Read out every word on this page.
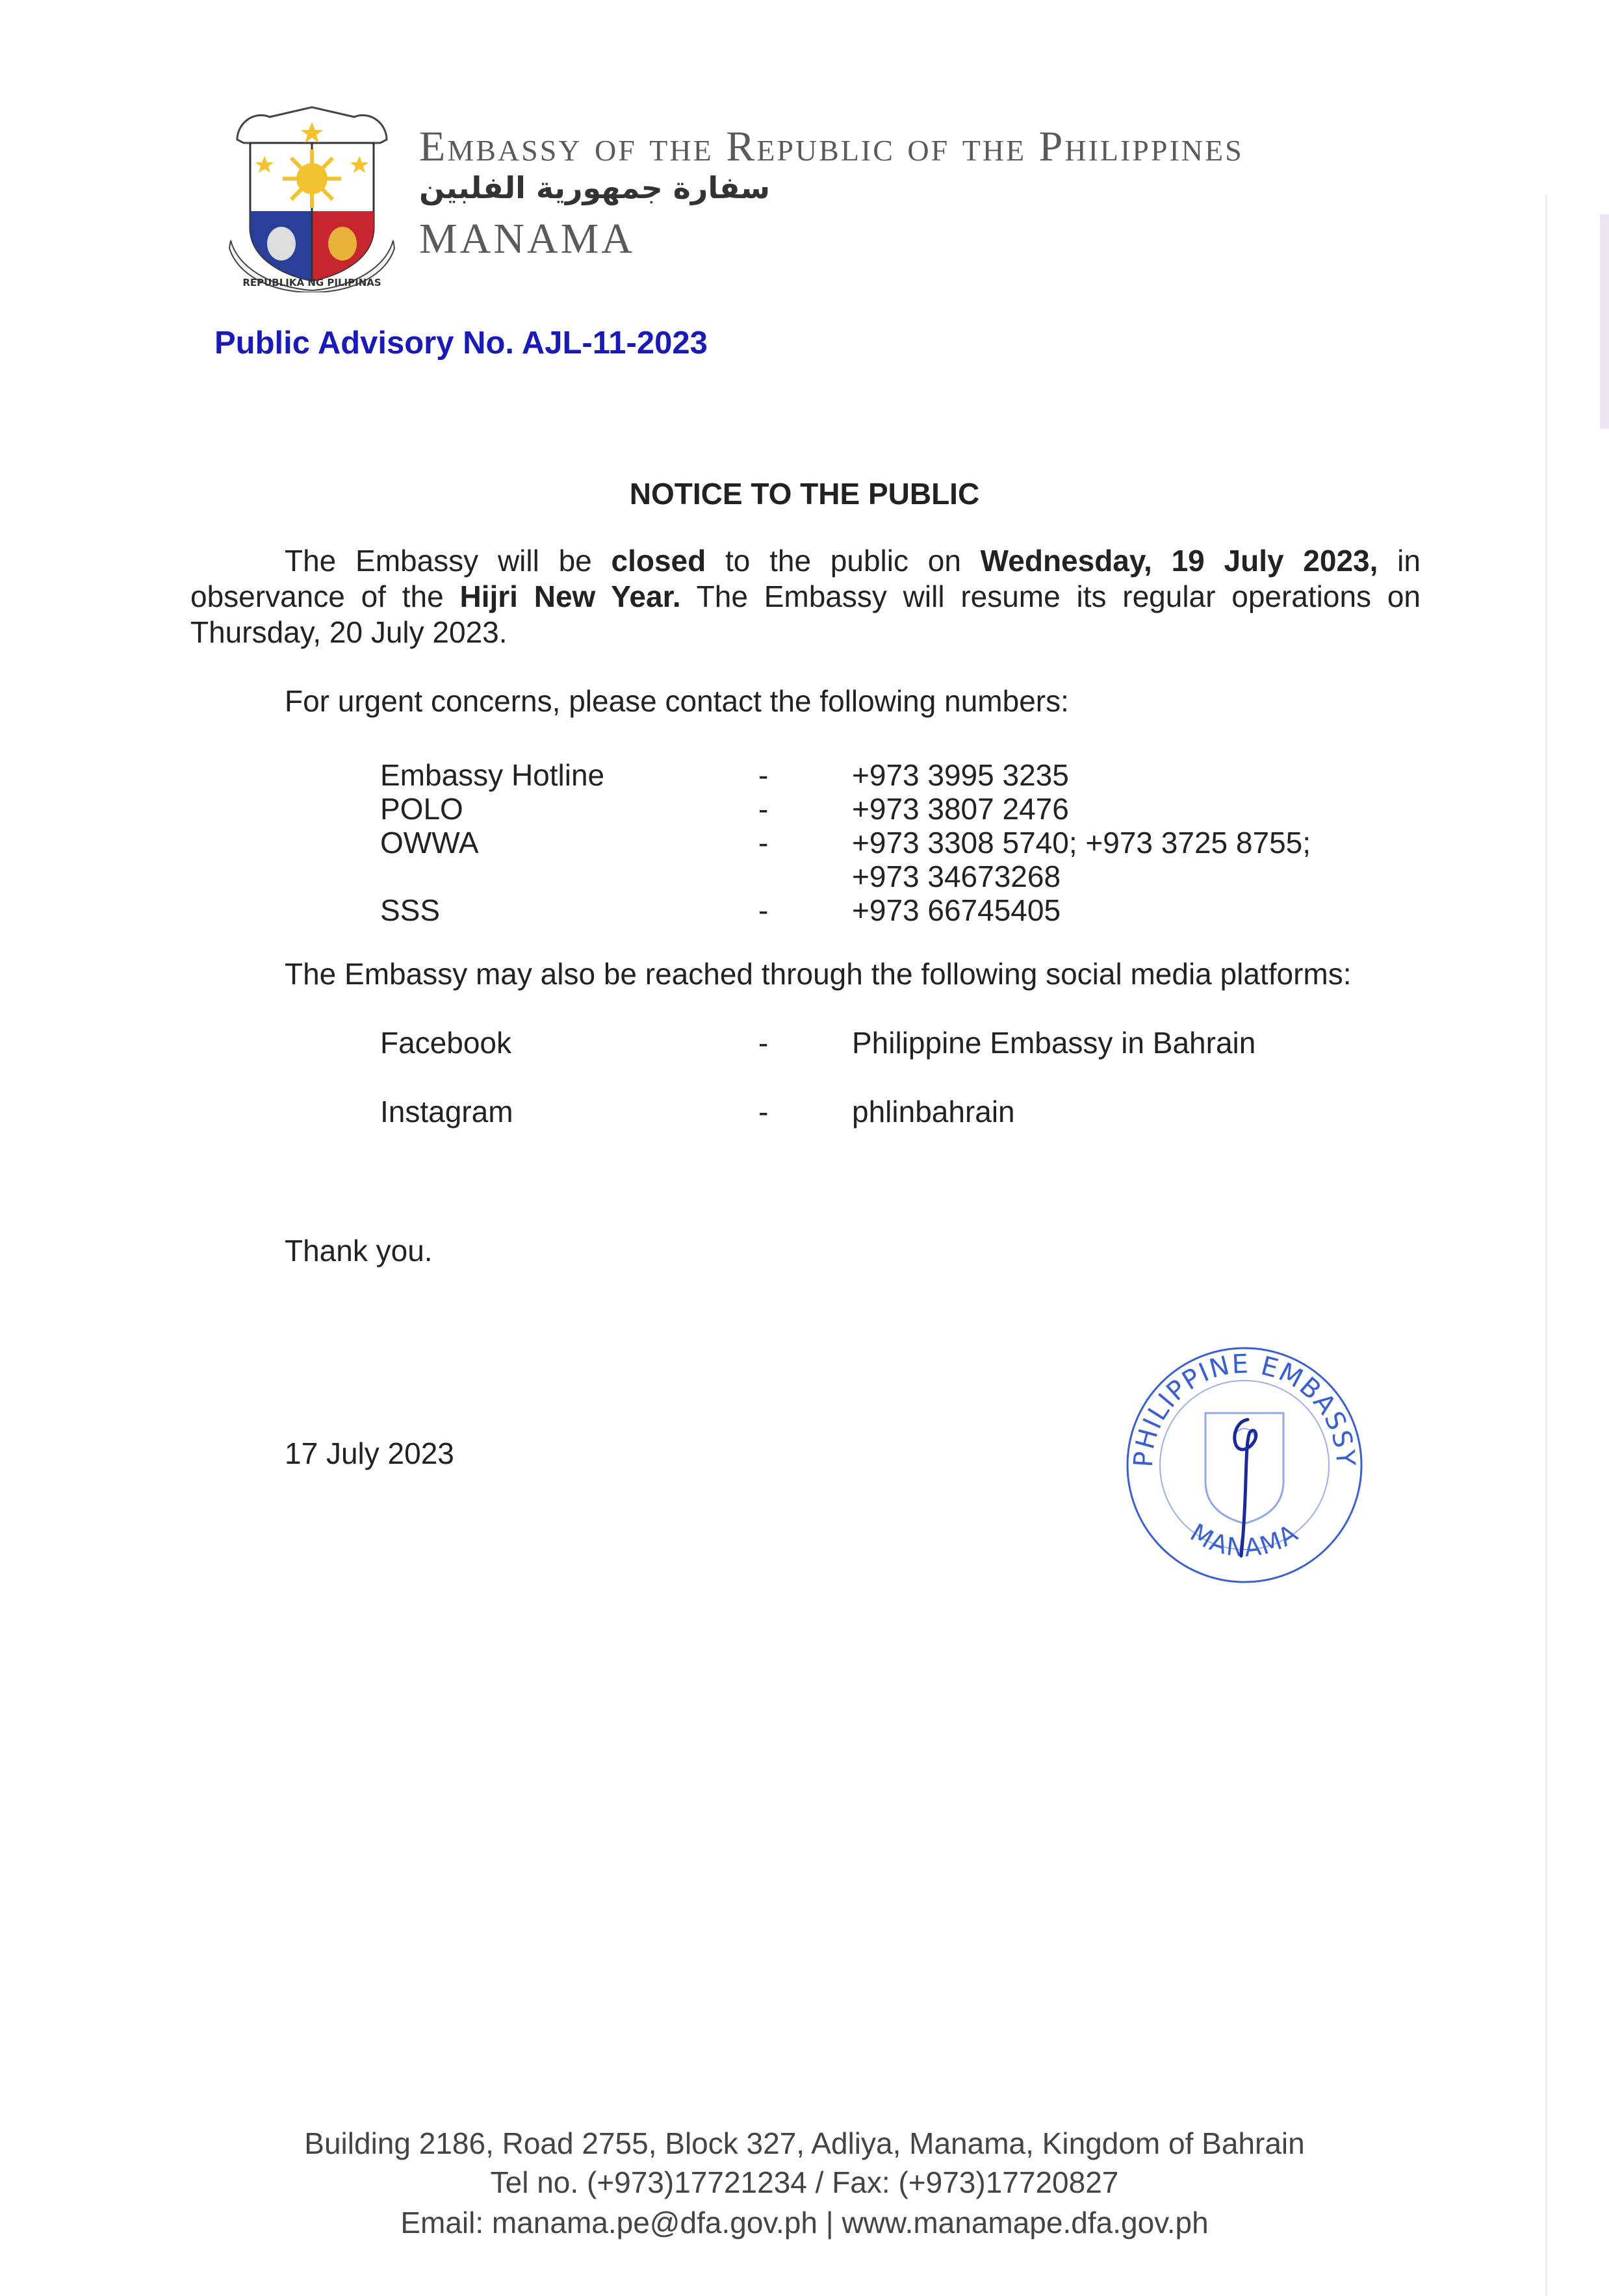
REPUBLIKA NG PILIPINAS
Embassy of the Republic of the Philippines
سفارة جمهورية الفلبين
MANAMA
Public Advisory No. AJL-11-2023
NOTICE TO THE PUBLIC
The Embassy will be closed to the public on Wednesday, 19 July 2023, in observance of the Hijri New Year. The Embassy will resume its regular operations on Thursday, 20 July 2023.
For urgent concerns, please contact the following numbers:
Embassy Hotline	-	+973 3995 3235
POLO	-	+973 3807 2476
OWWA	-	+973 3308 5740; +973 3725 8755;
+973 34673268
SSS	-	+973 66745405
The Embassy may also be reached through the following social media platforms:
Facebook	-	Philippine Embassy in Bahrain
Instagram	-	phlinbahrain
Thank you.
17 July 2023	PHILIPPINE EMBASSY
MANAMA
Building 2186, Road 2755, Block 327, Adliya, Manama, Kingdom of Bahrain
Tel no. (+973)17721234 / Fax: (+973)17720827
Email: manama.pe@dfa.gov.ph | www.manamape.dfa.gov.ph
